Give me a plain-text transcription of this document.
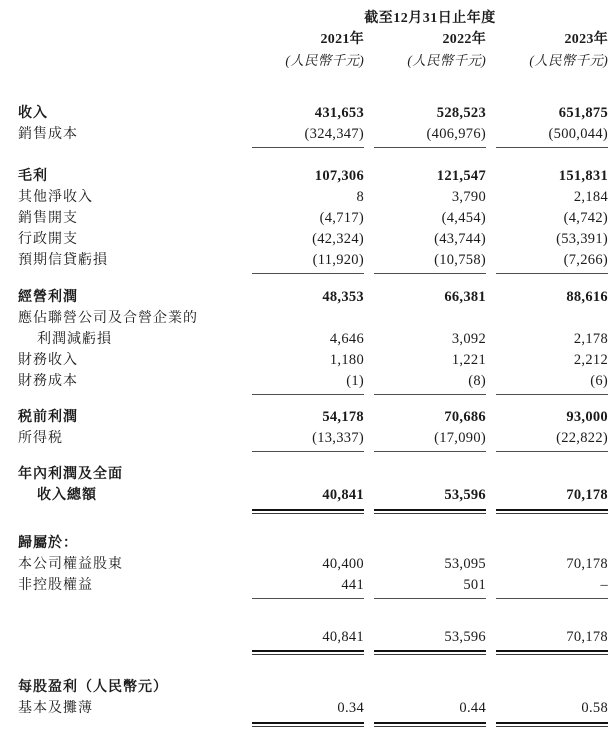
截至12月31日止年度
2021年	2022年	2023年
(人民幣千元)	(人民幣千元)	(人民幣千元)
收入	431,653	528,523	651,875
銷售成本	(324,347)	(406,976)	(500,044)
毛利	107,306	121,547	151,831
其他淨收入	8	3,790	2,184
銷售開支	(4,717)	(4,454)	(4,742)
行政開支	(42,324)	(43,744)	(53,391)
預期信貸虧損	(11,920)	(10,758)	(7,266)
經營利潤	48,353	66,381	88,616
應佔聯營公司及合營企業的
利潤減虧損	4,646	3,092	2,178
財務收入	1,180	1,221	2,212
財務成本	(1)	(8)	(6)
税前利潤	54,178	70,686	93,000
所得税	(13,337)	(17,090)	(22,822)
年內利潤及全面
收入總額	40,841	53,596	70,178
歸屬於：
本公司權益股東	40,400	53,095	70,178
非控股權益	441	501	–
40,841	53,596	70,178
每股盈利（人民幣元）
基本及攤薄	0.34	0.44	0.58
